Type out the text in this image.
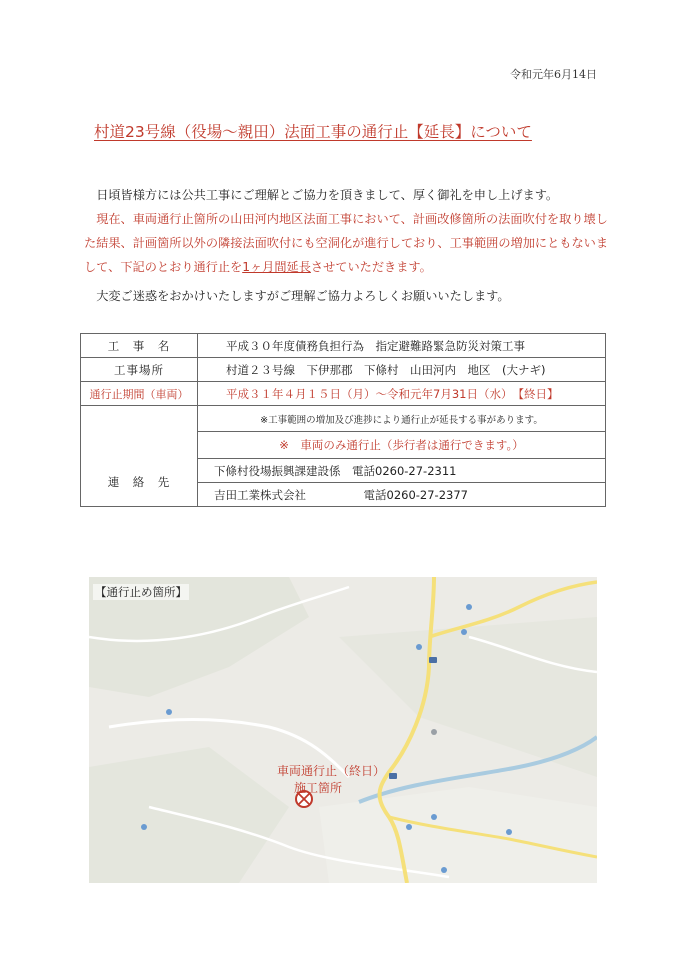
令和元年6月14日
村道23号線（役場～親田）法面工事の通行止【延長】について
　日頃皆様方には公共工事にご理解とご協力を頂きまして、厚く御礼を申し上げます。
　現在、車両通行止箇所の山田河内地区法面工事において、計画改修箇所の法面吹付を取り壊した結果、計画箇所以外の隣接法面吹付にも空洞化が進行しており、工事範囲の増加にともないまして、下記のとおり通行止を1ヶ月間延長させていただきます。
　大変ご迷惑をおかけいたしますがご理解ご協力よろしくお願いいたします。
工　事　名	平成３０年度債務負担行為　指定避難路緊急防災対策工事
工事場所	村道２３号線　下伊那郡　下條村　山田河内　地区　(大ナギ)
通行止期間（車両）	平成３１年４月１５日（月）～令和元年7月31日（水）　【終日】
	※工事範囲の増加及び進捗により通行止が延長する事があります。
	※　車両のみ通行止（歩行者は通行できます。）
連　絡　先	下條村役場振興課建設係　電話0260-27-2311
	吉田工業株式会社　　　　　電話0260-27-2377
【通行止め箇所】
車両通行止（終日）
施工箇所
